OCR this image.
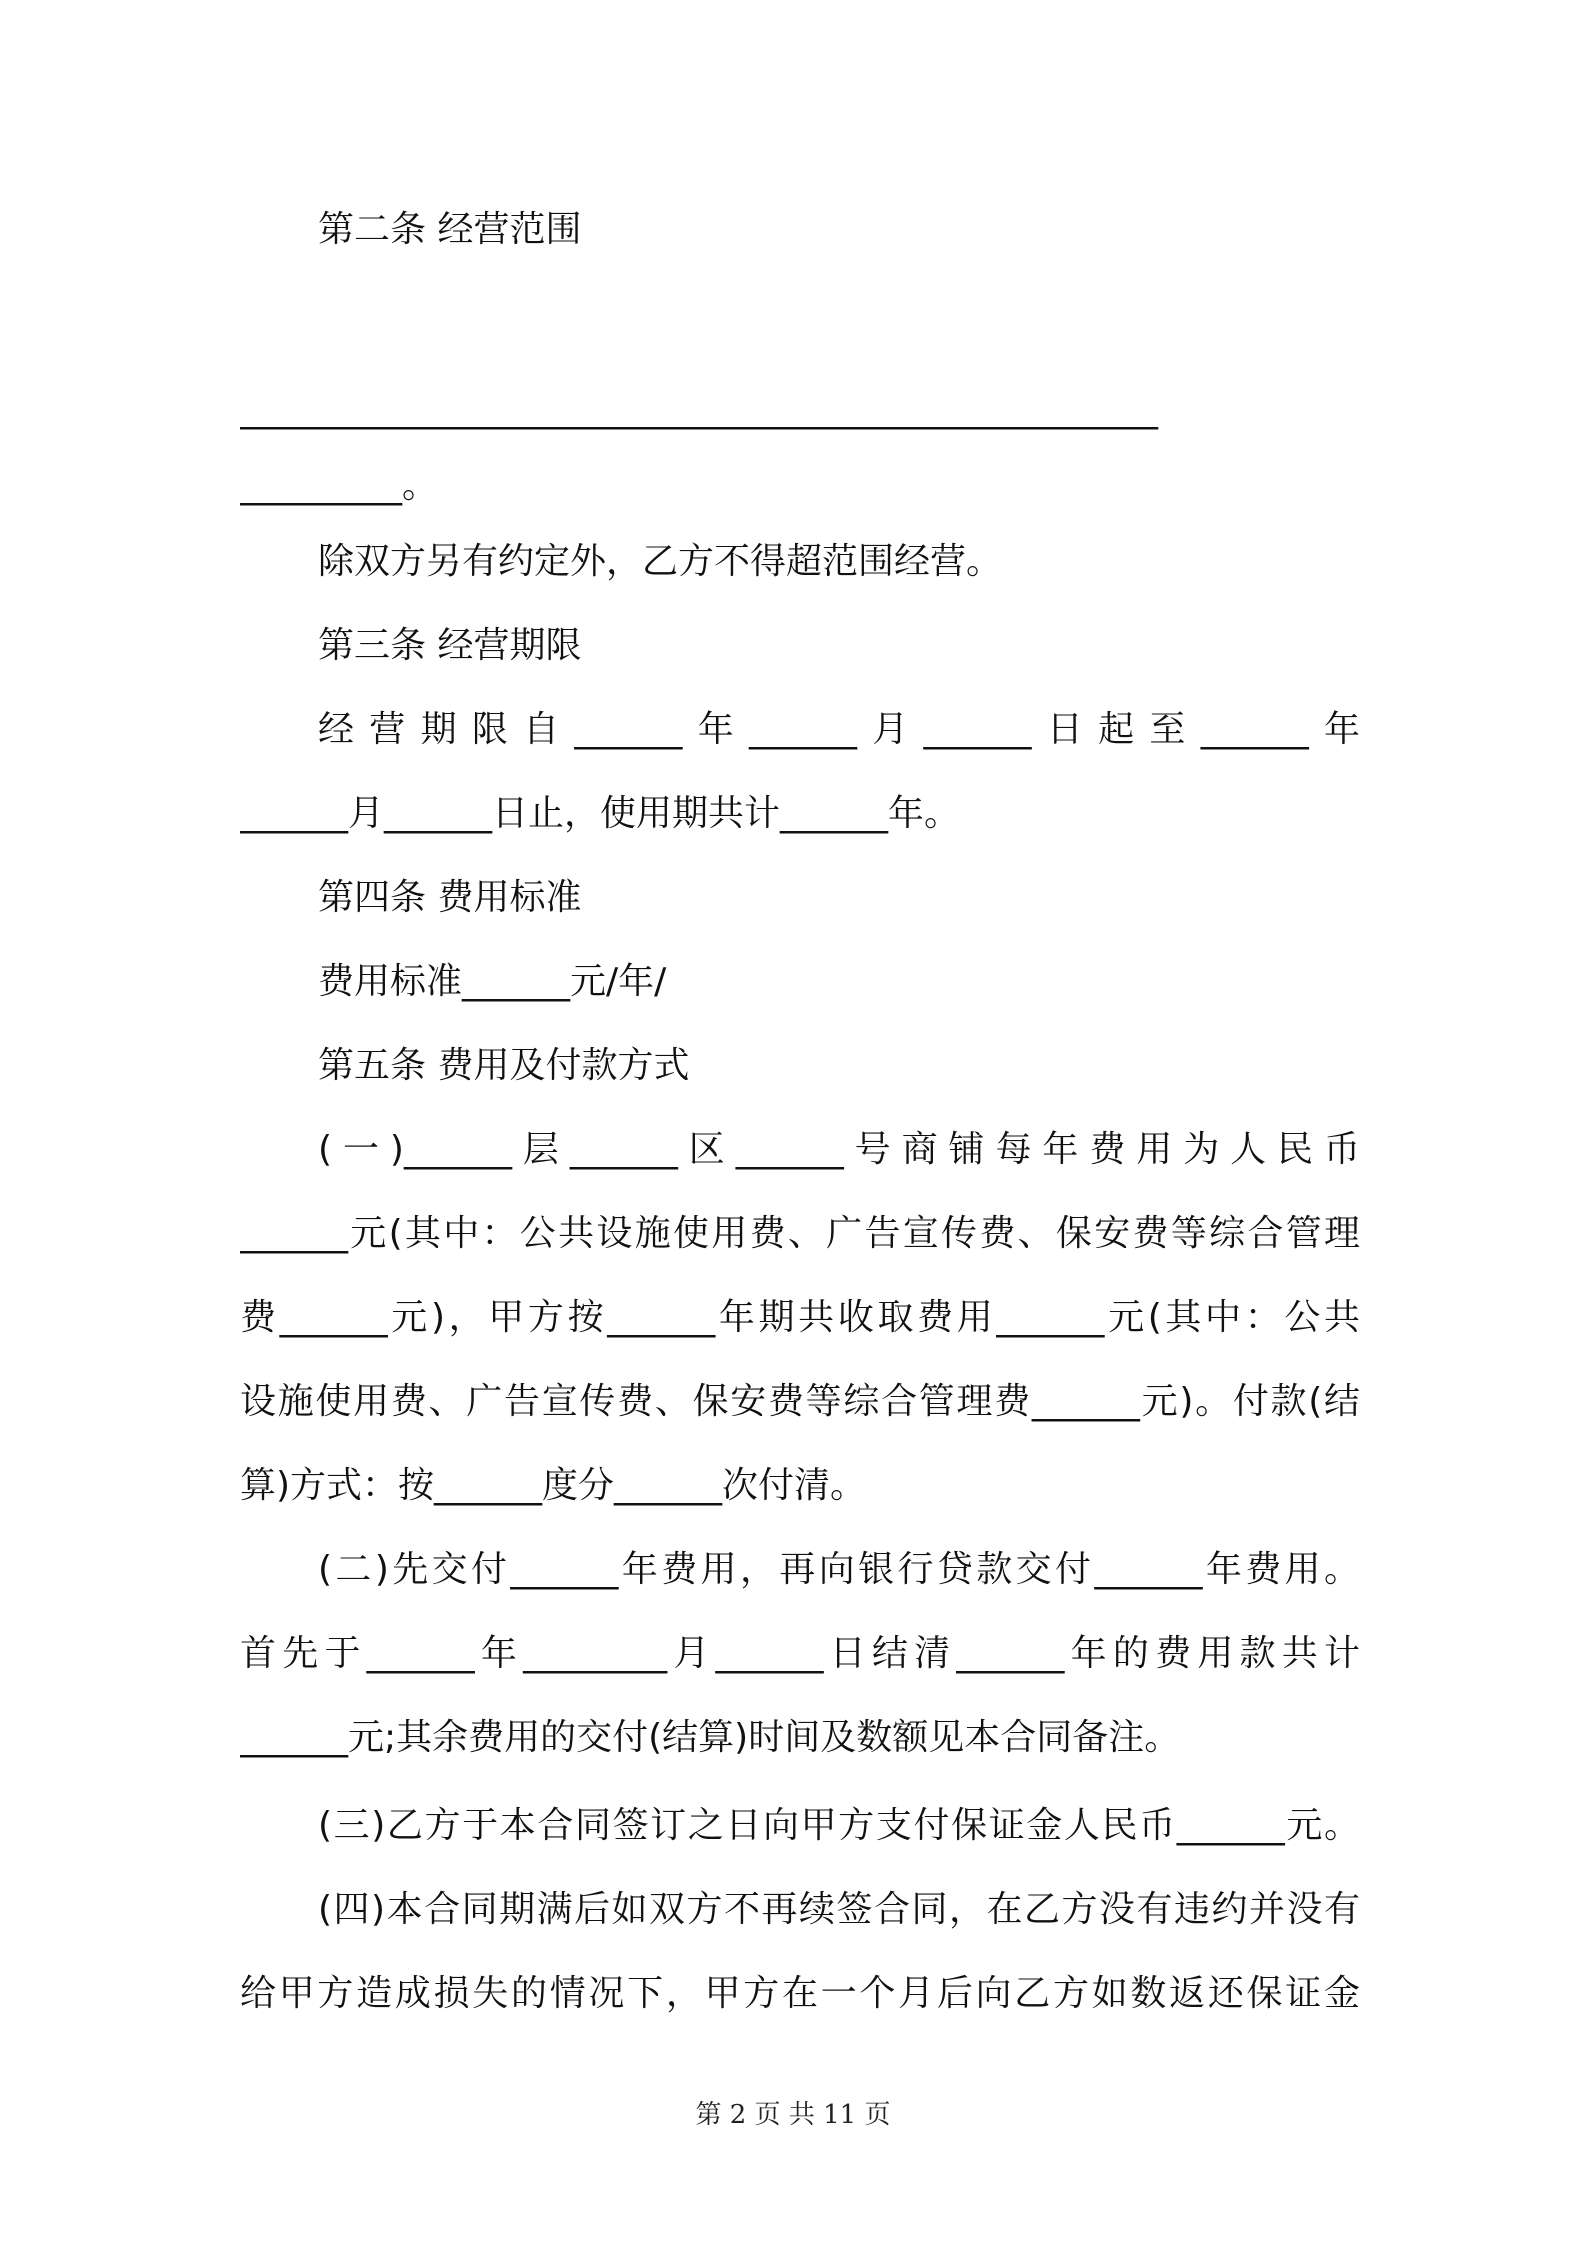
第二条 经营范围
___________________________________________________
_________。
除双方另有约定外，乙方不得超范围经营。
第三条 经营期限
经营期限自______年______月______日起至______年
______月______日止，使用期共计______年。
第四条 费用标准
费用标准______元/年/
第五条 费用及付款方式
(一)______层______区______号商铺每年费用为人民币
______元(其中：公共设施使用费、广告宣传费、保安费等综合管理
费______元)，甲方按______年期共收取费用______元(其中：公共
设施使用费、广告宣传费、保安费等综合管理费______元)。付款(结
算)方式：按______度分______次付清。
(二)先交付______年费用，再向银行贷款交付______年费用。
首先于______年________月______日结清______年的费用款共计
______元;其余费用的交付(结算)时间及数额见本合同备注。
(三)乙方于本合同签订之日向甲方支付保证金人民币______元。
(四)本合同期满后如双方不再续签合同，在乙方没有违约并没有
给甲方造成损失的情况下，甲方在一个月后向乙方如数返还保证金
第 2 页 共 11 页
